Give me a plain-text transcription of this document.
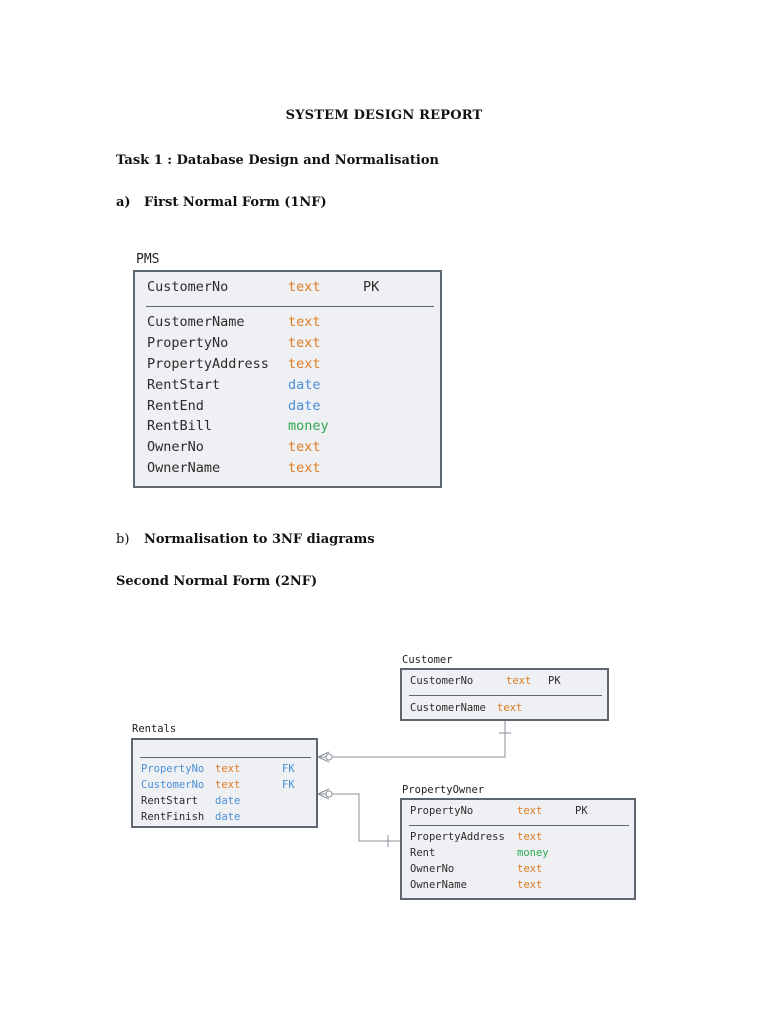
SYSTEM DESIGN REPORT
Task 1 : Database Design and Normalisation
a) First Normal Form (1NF)
PMS
CustomerNo	text	PK
CustomerName	text
PropertyNo	text
PropertyAddress text
RentStart	date
RentEnd	date
RentBill	money
OwnerNo	text
OwnerName	text
b) Normalisation to 3NF diagrams
Second Normal Form (2NF)
Customer
CustomerNo	text PK
CustomerName text
Rentals
PropertyNo text	FK
CustomerNo text	FK
RentStart date
RentFinish date
PropertyOwner
PropertyNo	text	PK
PropertyAddress text
Rent	money
OwnerNo	text
OwnerName	text
